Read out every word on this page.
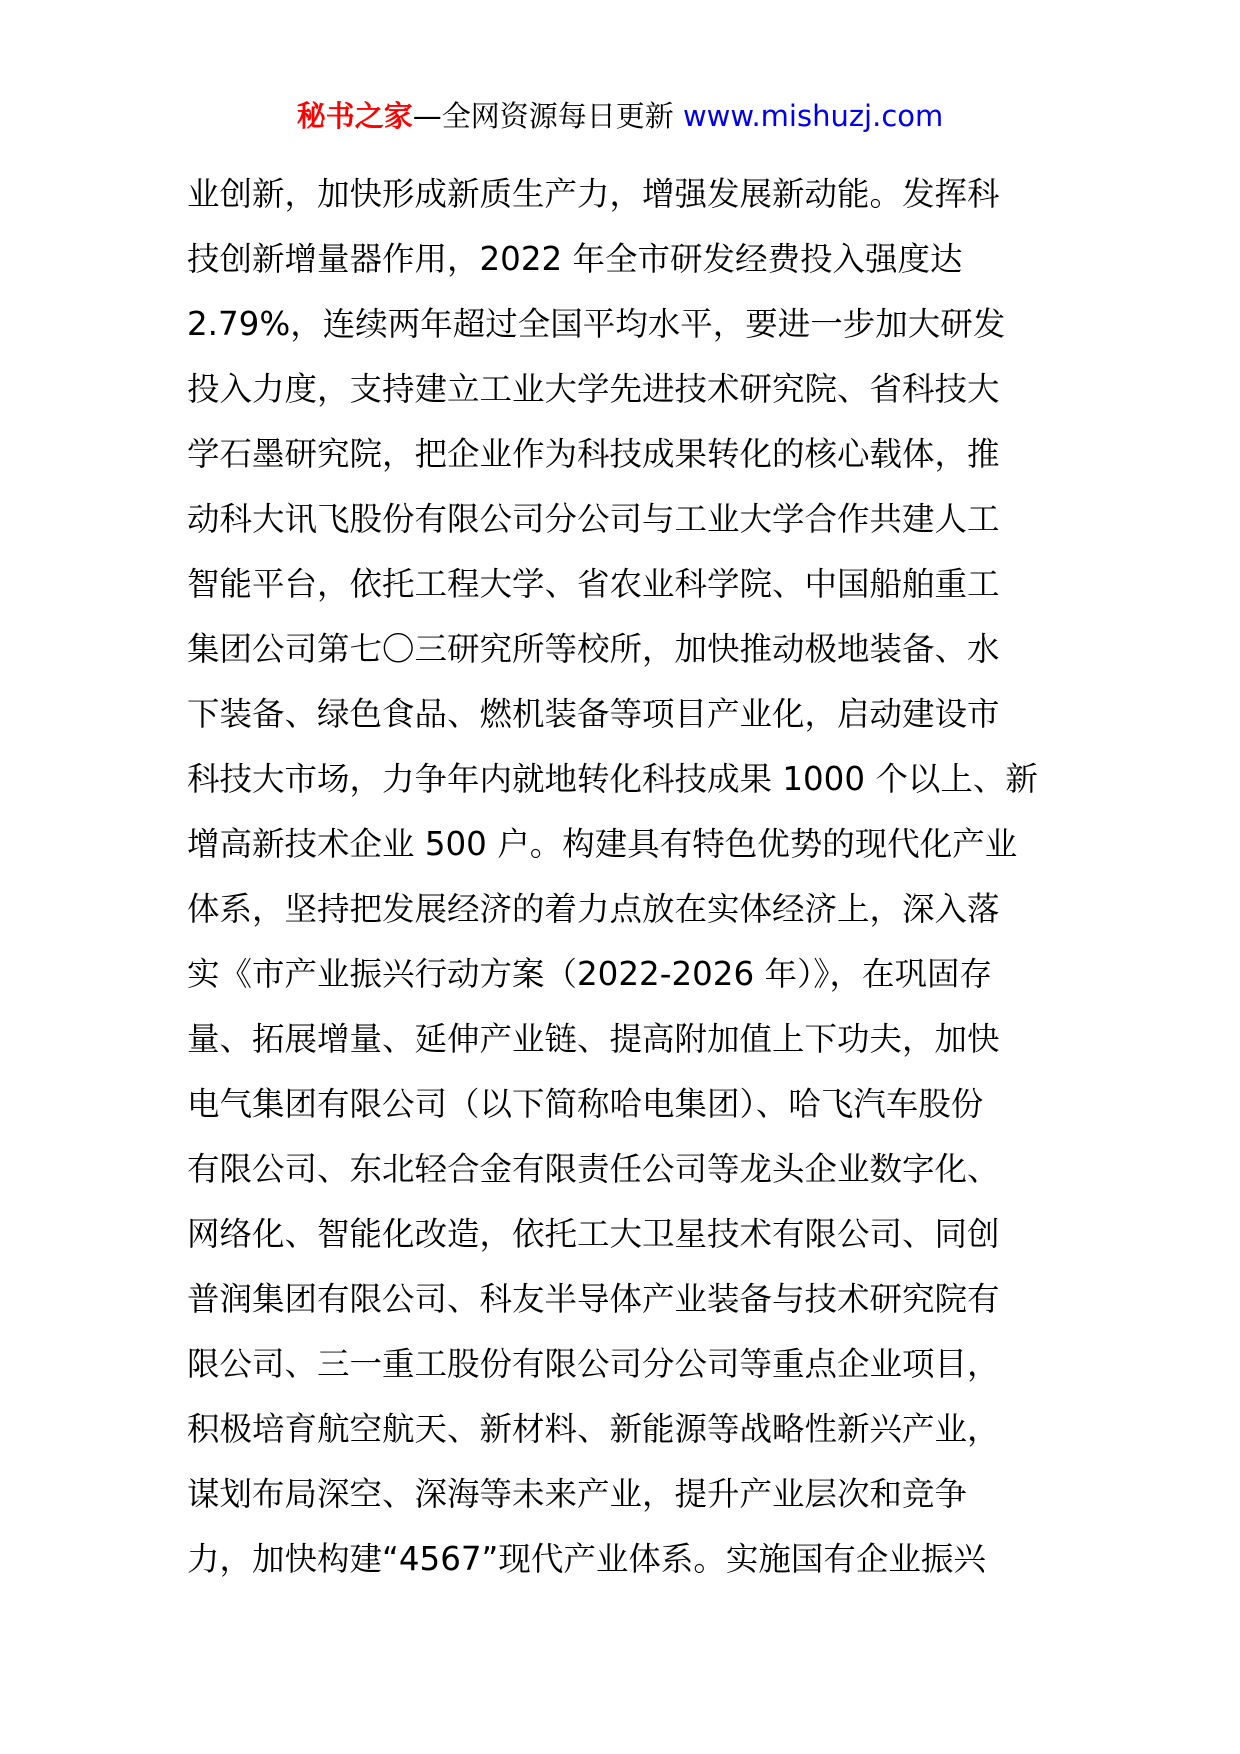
秘书之家—全网资源每日更新 www.mishuzj.com
业创新，加快形成新质生产力，增强发展新动能。发挥科
技创新增量器作用，2022 年全市研发经费投入强度达
2.79%，连续两年超过全国平均水平，要进一步加大研发
投入力度，支持建立工业大学先进技术研究院、省科技大
学石墨研究院，把企业作为科技成果转化的核心载体，推
动科大讯飞股份有限公司分公司与工业大学合作共建人工
智能平台，依托工程大学、省农业科学院、中国船舶重工
集团公司第七〇三研究所等校所，加快推动极地装备、水
下装备、绿色食品、燃机装备等项目产业化，启动建设市
科技大市场，力争年内就地转化科技成果 1000 个以上、新
增高新技术企业 500 户。构建具有特色优势的现代化产业
体系，坚持把发展经济的着力点放在实体经济上，深入落
实《市产业振兴行动方案（2022-2026 年）》，在巩固存
量、拓展增量、延伸产业链、提高附加值上下功夫，加快
电气集团有限公司（以下简称哈电集团）、哈飞汽车股份
有限公司、东北轻合金有限责任公司等龙头企业数字化、
网络化、智能化改造，依托工大卫星技术有限公司、同创
普润集团有限公司、科友半导体产业装备与技术研究院有
限公司、三一重工股份有限公司分公司等重点企业项目，
积极培育航空航天、新材料、新能源等战略性新兴产业，
谋划布局深空、深海等未来产业，提升产业层次和竞争
力，加快构建“4567”现代产业体系。实施国有企业振兴
